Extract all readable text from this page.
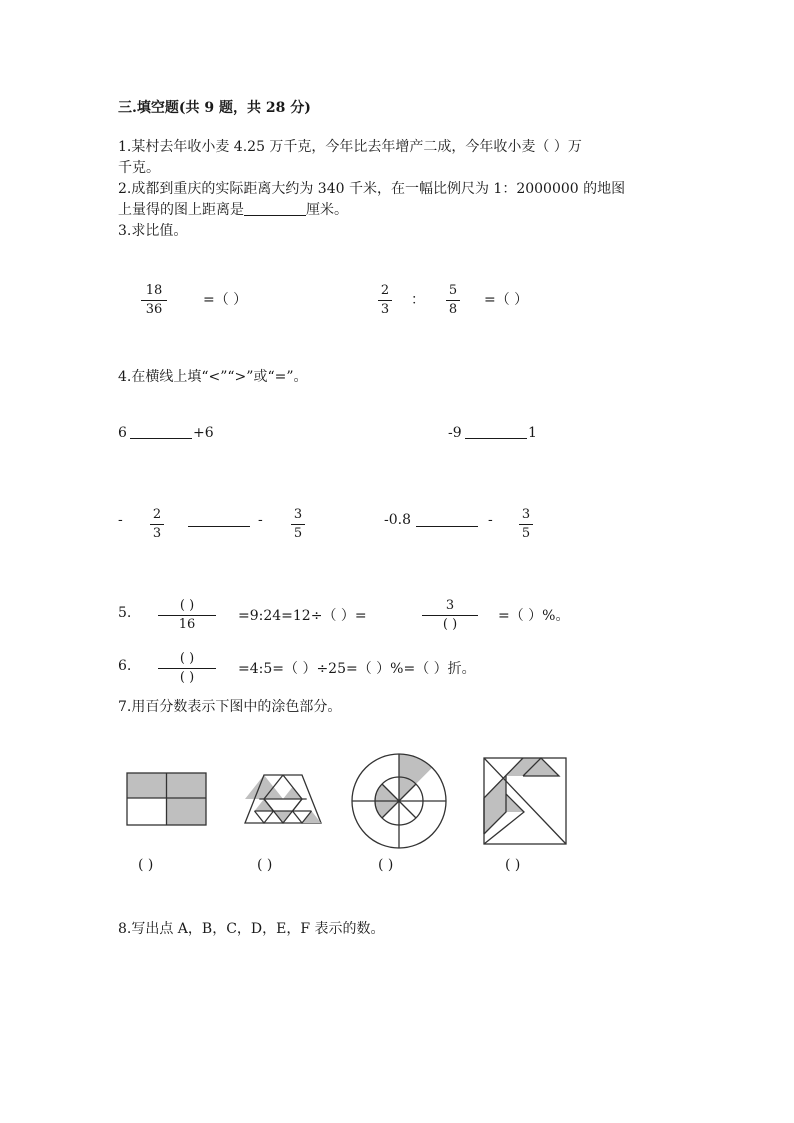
三.填空题(共 9 题，共 28 分)
1.某村去年收小麦 4.25 万千克，今年比去年增产二成，今年收小麦（ ）万
千克。
2.成都到重庆的实际距离大约为 340 千米，在一幅比例尺为 1：2000000 的地图
上量得的图上距离是	厘米。
3.求比值。
18
36
=（ ）
2
3
：
5
8
=（ ）
4.在横线上填“<”“>”或“=”。
6	+6	-9	1
- 2
3
- 3
5
-0.8	- 3
5
5.	( )
16
=9:24=12÷（ ）=
3
( )
=（ ）%。
6.	( )
( )
=4:5=（ ）÷25=（ ）%=（ ）折。
7.用百分数表示下图中的涂色部分。
( )	( )	( )	( )
8.写出点 A，B，C，D，E，F 表示的数。
